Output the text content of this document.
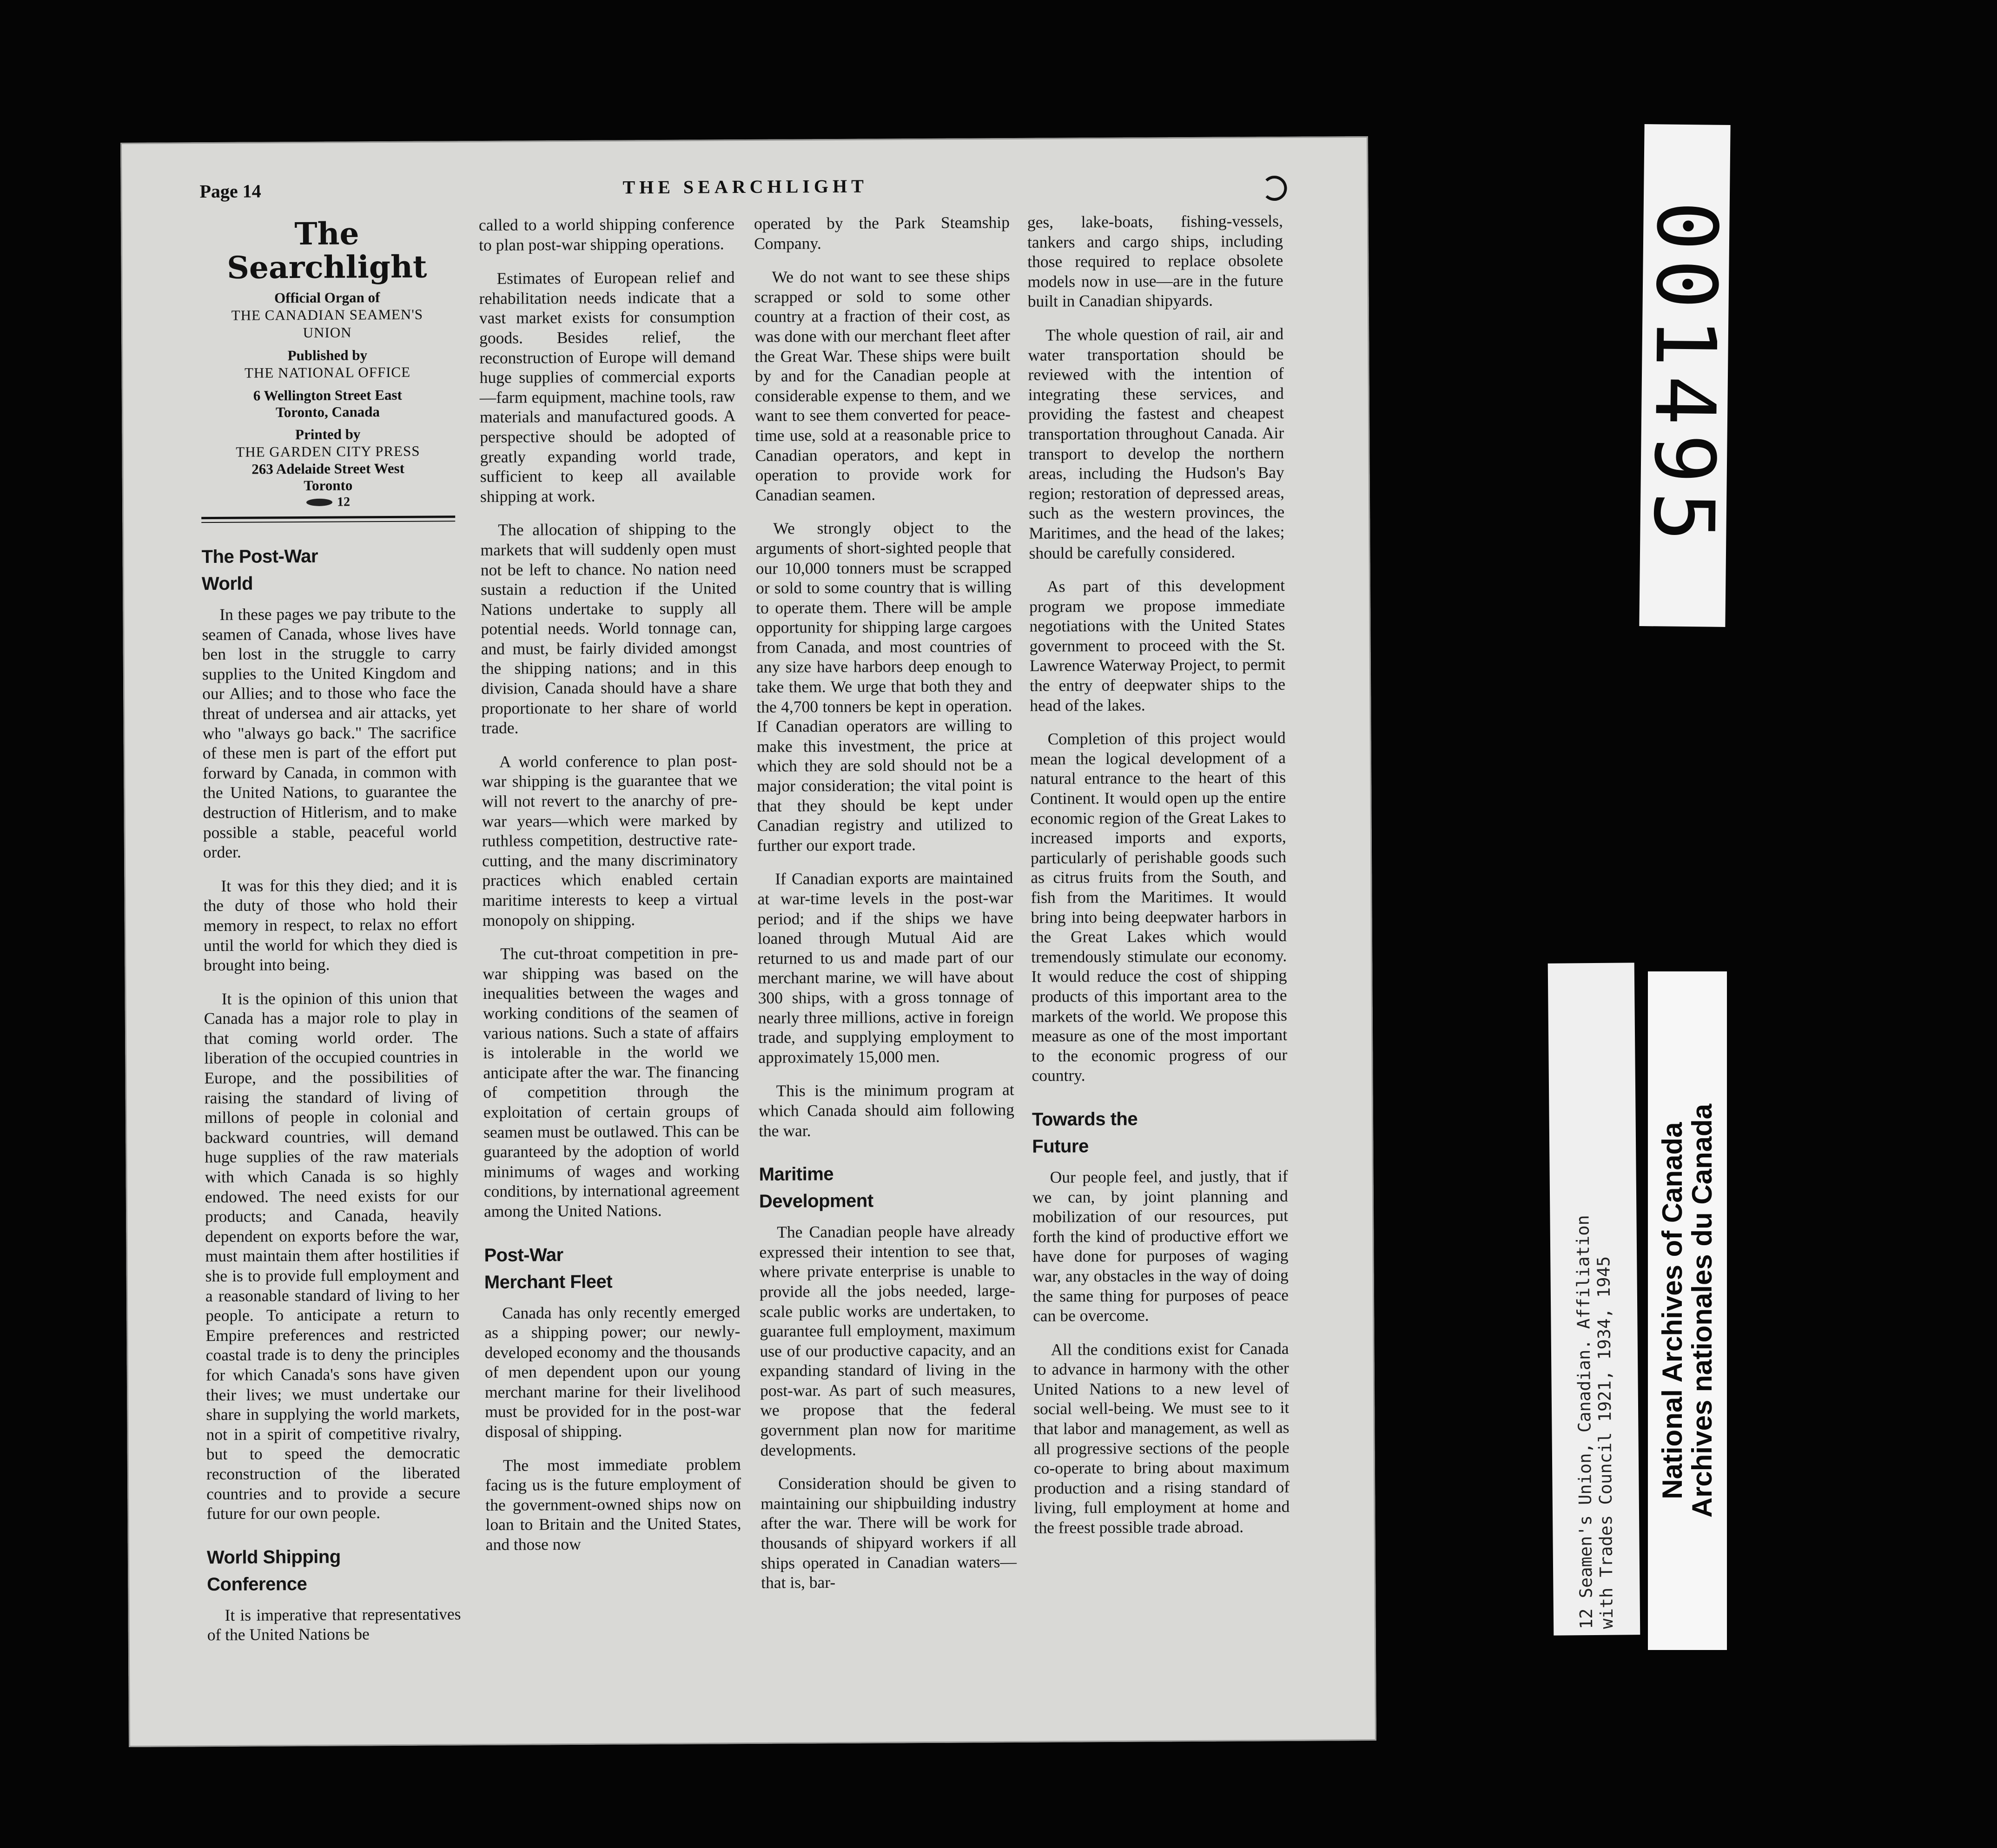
Page 14	THE SEARCHLIGHT
The
Searchlight
Official Organ of
THE CANADIAN SEAMEN'S
UNION
Published by
THE NATIONAL OFFICE
6 Wellington Street East
Toronto, Canada
Printed by
THE GARDEN CITY PRESS
263 Adelaide Street West
Toronto
12
The Post-War
World

In these pages we pay tribute to the seamen of Canada, whose lives have ben lost in the struggle to carry supplies to the United Kingdom and our Allies; and to those who face the threat of undersea and air attacks, yet who "always go back." The sacrifice of these men is part of the effort put forward by Canada, in common with the United Nations, to guarantee the destruction of Hitlerism, and to make possible a stable, peaceful world order.

It was for this they died; and it is the duty of those who hold their memory in respect, to relax no effort until the world for which they died is brought into being.

It is the opinion of this union that Canada has a major role to play in that coming world order. The liberation of the occupied countries in Europe, and the possibilities of raising the standard of living of millons of people in colonial and backward countries, will demand huge supplies of the raw materials with which Canada is so highly endowed. The need exists for our products; and Canada, heavily dependent on exports before the war, must maintain them after hostilities if she is to provide full employment and a reasonable standard of living to her people. To anticipate a return to Empire preferences and restricted coastal trade is to deny the principles for which Canada's sons have given their lives; we must undertake our share in supplying the world markets, not in a spirit of competitive rivalry, but to speed the democratic reconstruction of the liberated countries and to provide a secure future for our own people.

World Shipping
Conference

It is imperative that representatives of the United Nations be

called to a world shipping conference to plan post-war shipping operations.

Estimates of European relief and rehabilitation needs indicate that a vast market exists for consumption goods. Besides relief, the reconstruction of Europe will demand huge supplies of commercial exports—farm equipment, machine tools, raw materials and manufactured goods. A perspective should be adopted of greatly expanding world trade, sufficient to keep all available shipping at work.

The allocation of shipping to the markets that will suddenly open must not be left to chance. No nation need sustain a reduction if the United Nations undertake to supply all potential needs. World tonnage can, and must, be fairly divided amongst the shipping nations; and in this division, Canada should have a share proportionate to her share of world trade.

A world conference to plan post-war shipping is the guarantee that we will not revert to the anarchy of pre-war years—which were marked by ruthless competition, destructive rate-cutting, and the many discriminatory practices which enabled certain maritime interests to keep a virtual monopoly on shipping.

The cut-throat competition in pre-war shipping was based on the inequalities between the wages and working conditions of the seamen of various nations. Such a state of affairs is intolerable in the world we anticipate after the war. The financing of competition through the exploitation of certain groups of seamen must be outlawed. This can be guaranteed by the adoption of world minimums of wages and working conditions, by international agreement among the United Nations.

Post-War
Merchant Fleet

Canada has only recently emerged as a shipping power; our newly-developed economy and the thousands of men dependent upon our young merchant marine for their livelihood must be provided for in the post-war disposal of shipping.

The most immediate problem facing us is the future employment of the government-owned ships now on loan to Britain and the United States, and those now

operated by the Park Steamship Company.

We do not want to see these ships scrapped or sold to some other country at a fraction of their cost, as was done with our merchant fleet after the Great War. These ships were built by and for the Canadian people at considerable expense to them, and we want to see them converted for peace-time use, sold at a reasonable price to Canadian operators, and kept in operation to provide work for Canadian seamen.

We strongly object to the arguments of short-sighted people that our 10,000 tonners must be scrapped or sold to some country that is willing to operate them. There will be ample opportunity for shipping large cargoes from Canada, and most countries of any size have harbors deep enough to take them. We urge that both they and the 4,700 tonners be kept in operation. If Canadian operators are willing to make this investment, the price at which they are sold should not be a major consideration; the vital point is that they should be kept under Canadian registry and utilized to further our export trade.

If Canadian exports are maintained at war-time levels in the post-war period; and if the ships we have loaned through Mutual Aid are returned to us and made part of our merchant marine, we will have about 300 ships, with a gross tonnage of nearly three millions, active in foreign trade, and supplying employment to approximately 15,000 men.

This is the minimum program at which Canada should aim following the war.

Maritime
Development

The Canadian people have already expressed their intention to see that, where private enterprise is unable to provide all the jobs needed, large-scale public works are undertaken, to guarantee full employment, maximum use of our productive capacity, and an expanding standard of living in the post-war. As part of such measures, we propose that the federal government plan now for maritime developments.

Consideration should be given to maintaining our shipbuilding industry after the war. There will be work for thousands of shipyard workers if all ships operated in Canadian waters—that is, bar-

ges, lake-boats, fishing-vessels, tankers and cargo ships, including those required to replace obsolete models now in use—are in the future built in Canadian shipyards.

The whole question of rail, air and water transportation should be reviewed with the intention of integrating these services, and providing the fastest and cheapest transportation throughout Canada. Air transport to develop the northern areas, including the Hudson's Bay region; restoration of depressed areas, such as the western provinces, the Maritimes, and the head of the lakes; should be carefully considered.

As part of this development program we propose immediate negotiations with the United States government to proceed with the St. Lawrence Waterway Project, to permit the entry of deepwater ships to the head of the lakes.

Completion of this project would mean the logical development of a natural entrance to the heart of this Continent. It would open up the entire economic region of the Great Lakes to increased imports and exports, particularly of perishable goods such as citrus fruits from the South, and fish from the Maritimes. It would bring into being deepwater harbors in the Great Lakes which would tremendously stimulate our economy. It would reduce the cost of shipping products of this important area to the markets of the world. We propose this measure as one of the most important to the economic progress of our country.

Towards the
Future

Our people feel, and justly, that if we can, by joint planning and mobilization of our resources, put forth the kind of productive effort we have done for purposes of waging war, any obstacles in the way of doing the same thing for purposes of peace can be overcome.

All the conditions exist for Canada to advance in harmony with the other United Nations to a new level of social well-being. We must see to it that labor and management, as well as all progressive sections of the people co-operate to bring about maximum production and a rising standard of living, full employment at home and the freest possible trade abroad.

001495
12 Seamen's Union, Canadian. Affiliation
with Trades Council 1921, 1934, 1945 National Archives of Canada
Archives nationales du Canada
